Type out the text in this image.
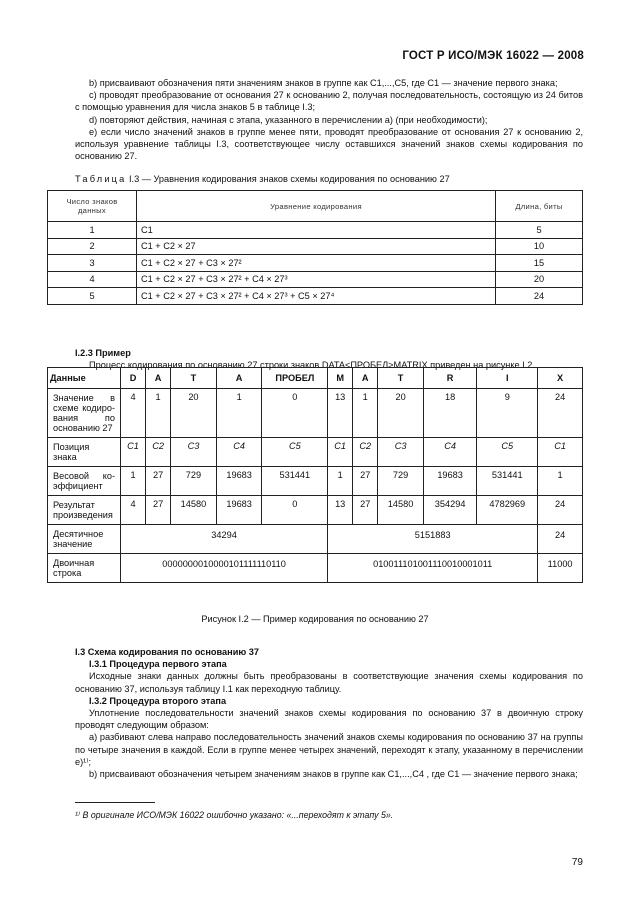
ГОСТ Р ИСО/МЭК 16022 — 2008

b) присваивают обозначения пяти значениям знаков в группе как C1,...,C5, где C1 — значение первого знака;

c) проводят преобразование от основания 27 к основанию 2, получая последовательность, состоящую из 24 битов с помощью уравнения для числа знаков 5 в таблице I.3;

d) повторяют действия, начиная с этапа, указанного в перечислении а) (при необходимости);

e) если число значений знаков в группе менее пяти, проводят преобразование от основания 27 к основанию 2, используя уравнение таблицы I.3, соответствующее числу оставшихся значений знаков схемы кодирования по основанию 27.

Таблица I.3 — Уравнения кодирования знаков схемы кодирования по основанию 27
Число знаков данных	Уравнение кодирования	Длина, биты
1	C1	5
2	C1 + C2 × 27	10
3	C1 + C2 × 27 + C3 × 27²	15
4	C1 + C2 × 27 + C3 × 27² + C4 × 27³	20
5	C1 + C2 × 27 + C3 × 27² + C4 × 27³ + C5 × 27⁴	24

I.2.3 Пример

Процесс кодирования по основанию 27 строки знаков DATA<ПРОБЕЛ>MATRIX приведен на рисунке I.2.

Данные	D	A	T	A	ПРОБЕЛ	M	A	T	R	I	X
Значение в схеме кодирования по основанию 27	4	1	20	1	0	13	1	20	18	9	24
Позиция знака	C1	C2	C3	C4	C5	C1	C2	C3	C4	C5	C1
Весовой коэффициент	1	27	729	19683	531441	1	27	729	19683	531441	1
Результат произведения	4	27	14580	19683	0	13	27	14580	354294	4782969	24
Десятичное значение	34294					5151883					24
Двоичная строка	0000000010000101111110110					010011101001110010001011					11000
Рисунок I.2 — Пример кодирования по основанию 27

I.3 Схема кодирования по основанию 37

I.3.1 Процедура первого этапа

Исходные знаки данных должны быть преобразованы в соответствующие значения схемы кодирования по основанию 37, используя таблицу I.1 как переходную таблицу.

I.3.2 Процедура второго этапа

Уплотнение последовательности значений знаков схемы кодирования по основанию 37 в двоичную строку проводят следующим образом:

a) разбивают слева направо последовательность значений знаков схемы кодирования по основанию 37 на группы по четыре значения в каждой. Если в группе менее четырех значений, переходят к этапу, указанному в перечислении е)¹⁾;

b) присваивают обозначения четырем значениям знаков в группе как C1,...,C4 , где C1 — значение первого знака;

¹⁾ В оригинале ИСО/МЭК 16022 ошибочно указано: «...переходят к этапу 5».
79
